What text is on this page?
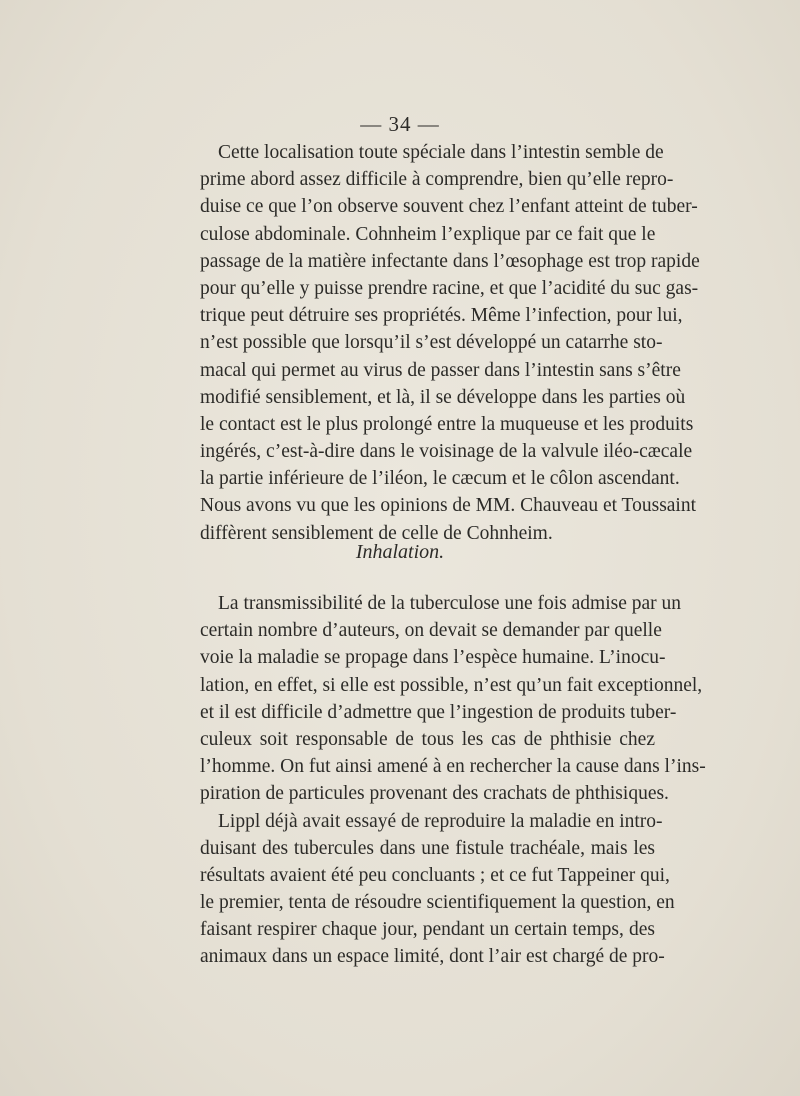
— 34 —
Cette localisation toute spéciale dans l’intestin semble de
prime abord assez difficile à comprendre, bien qu’elle repro-
duise ce que l’on observe souvent chez l’enfant atteint de tuber-
culose abdominale. Cohnheim l’explique par ce fait que le
passage de la matière infectante dans l’œsophage est trop rapide
pour qu’elle y puisse prendre racine, et que l’acidité du suc gas-
trique peut détruire ses propriétés. Même l’infection, pour lui,
n’est possible que lorsqu’il s’est développé un catarrhe sto-
macal qui permet au virus de passer dans l’intestin sans s’être
modifié sensiblement, et là, il se développe dans les parties où
le contact est le plus prolongé entre la muqueuse et les produits
ingérés, c’est-à-dire dans le voisinage de la valvule iléo-cæcale
la partie inférieure de l’iléon, le cæcum et le côlon ascendant.
Nous avons vu que les opinions de MM. Chauveau et Toussaint
diffèrent sensiblement de celle de Cohnheim.
Inhalation.
La transmissibilité de la tuberculose une fois admise par un
certain nombre d’auteurs, on devait se demander par quelle
voie la maladie se propage dans l’espèce humaine. L’inocu-
lation, en effet, si elle est possible, n’est qu’un fait exceptionnel,
et il est difficile d’admettre que l’ingestion de produits tuber-
culeux soit responsable de tous les cas de phthisie chez
l’homme. On fut ainsi amené à en rechercher la cause dans l’ins-
piration de particules provenant des crachats de phthisiques.
Lippl déjà avait essayé de reproduire la maladie en intro-
duisant des tubercules dans une fistule trachéale, mais les
résultats avaient été peu concluants ; et ce fut Tappeiner qui,
le premier, tenta de résoudre scientifiquement la question, en
faisant respirer chaque jour, pendant un certain temps, des
animaux dans un espace limité, dont l’air est chargé de pro-
